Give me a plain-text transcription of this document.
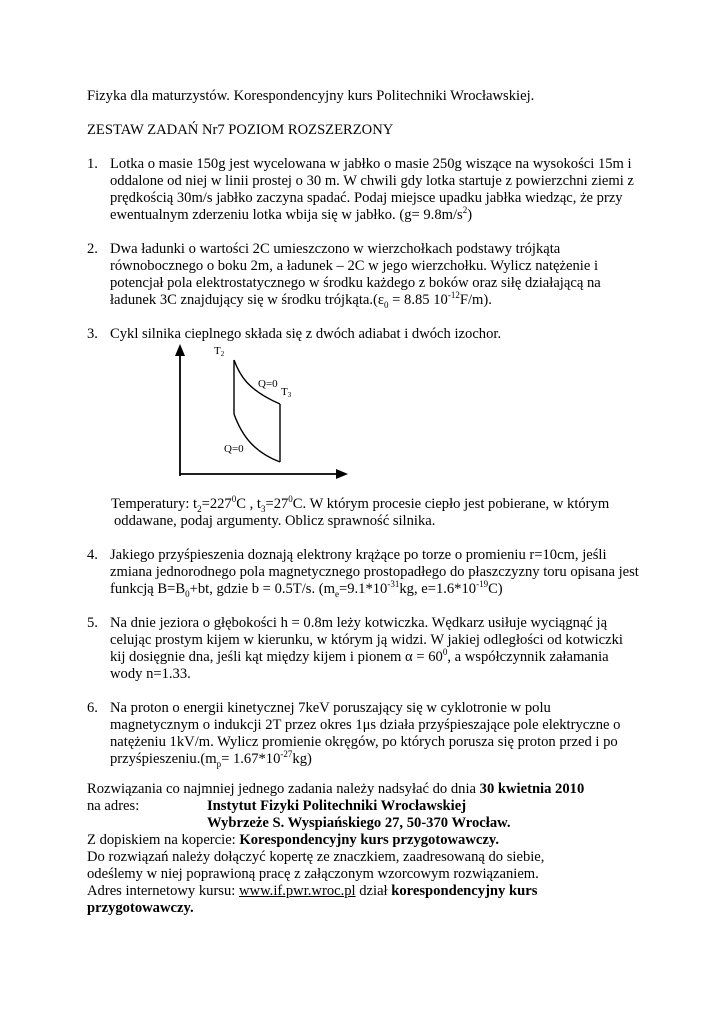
Fizyka dla maturzystów. Korespondencyjny kurs Politechniki Wrocławskiej.
ZESTAW ZADAŃ Nr7 POZIOM ROZSZERZONY
1. Lotka o masie 150g jest wycelowana w jabłko o masie 250g wiszące na wysokości 15m i
oddalone od niej w linii prostej o 30 m. W chwili gdy lotka startuje z powierzchni ziemi z
prędkością 30m/s jabłko zaczyna spadać. Podaj miejsce upadku jabłka wiedząc, że przy
ewentualnym zderzeniu lotka wbija się w jabłko. $(g= 9.8m/s^2)$
2. Dwa ładunki o wartości 2C umieszczono w wierzchołkach podstawy trójkąta
równobocznego o boku 2m, a ładunek – 2C w jego wierzchołku. Wylicz natężenie i
potencjał pola elektrostatycznego w środku każdego z boków oraz siłę działającą na
ładunek 3C znajdujący się w środku $trójkąta.(\varepsilon_0 = 8.85$ $10^{-12}F/m$).
3. Cykl silnika cieplnego składa się z dwóch adiabat i dwóch izochor.
T2
Q=0
T3
Q=0
Temperatury: $t_2=227^0C$ , $t_3=27^0C$. W którym procesie ciepło jest pobierane, w którym
oddawane, podaj argumenty. Oblicz sprawność silnika.
4. Jakiego przyśpieszenia doznają elektrony krążące po torze o promieniu r=10cm, jeśli
zmiana jednorodnego pola magnetycznego prostopadłego do płaszczyzny toru opisana jest
funkcją $B=B_0+bt$, gdzie b = 0.5T/s. ($m_e=9.1*10^{-31}kg$, $e=1.6*10^{-19}C$)
5. Na dnie jeziora o głębokości h = 0.8m leży kotwiczka. Wędkarz usiłuje wyciągnąć ją
celując prostym kijem w kierunku, w którym ją widzi. W jakiej odległości od kotwiczki
kij dosięgnie dna, jeśli kąt między kijem i pionem $\alpha = 60^0$, a współczynnik załamania
wody n=1.33.
6. Na proton o energii kinetycznej 7keV poruszający się w cyklotronie w polu
magnetycznym o indukcji 2T przez okres 1μs działa przyśpieszające pole elektryczne o
natężeniu 1kV/m. Wylicz promienie okręgów, po których porusza się proton przed i po
$przyśpieszeniu.(m_p= 1.67*10^{-27}kg)$
Rozwiązania co najmniej jednego zadania należy nadsyłać do dnia 30 kwietnia 2010
na adres:	Instytut Fizyki Politechniki Wrocławskiej
Wybrzeże S. Wyspiańskiego 27, 50-370 Wrocław.
Z dopiskiem na kopercie: Korespondencyjny kurs przygotowawczy.
Do rozwiązań należy dołączyć kopertę ze znaczkiem, zaadresowaną do siebie,
odeślemy w niej poprawioną pracę z załączonym wzorcowym rozwiązaniem.
Adres internetowy kursu: www.if.pwr.wroc.pl dział korespondencyjny kurs
przygotowawczy.
